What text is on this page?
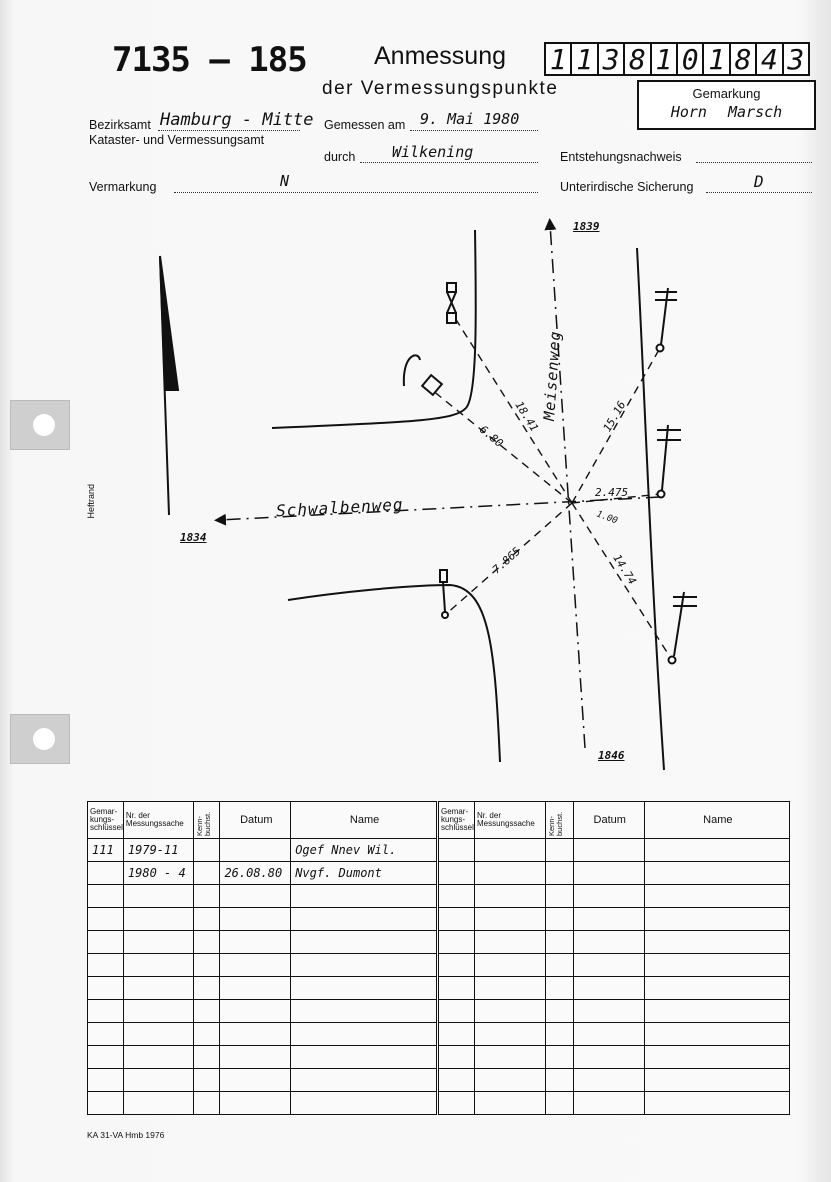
Heftrand
7135 — 185	Anmessung
der Vermessungspunkte
1 1 3 8 1 0 1 8 4 3
Gemarkung
Horn Marsch
Bezirksamt Hamburg - Mitte
Kataster- und Vermessungsamt
Gemessen am 9. Mai 1980
durch Wilkening	Entstehungsnachweis
Vermarkung	N	Unterirdische Sicherung	D
Meisenweg
Schwalbenweg
1839
1834
1846
18.41
6.80
15.16
2.475
1.00
14.74
7.865
Gemar-kungs-schlüssel	Nr. der Messungssache	Kenn-buchst.	Datum	Name
111	1979-11			Ogef Nnev Wil.
	1980 - 4		26.08.80	Nvgf. Dumont

Gemar-kungs-schlüssel	Nr. der Messungssache	Kenn-buchst.	Datum	Name

KA 31-VA Hmb 1976
